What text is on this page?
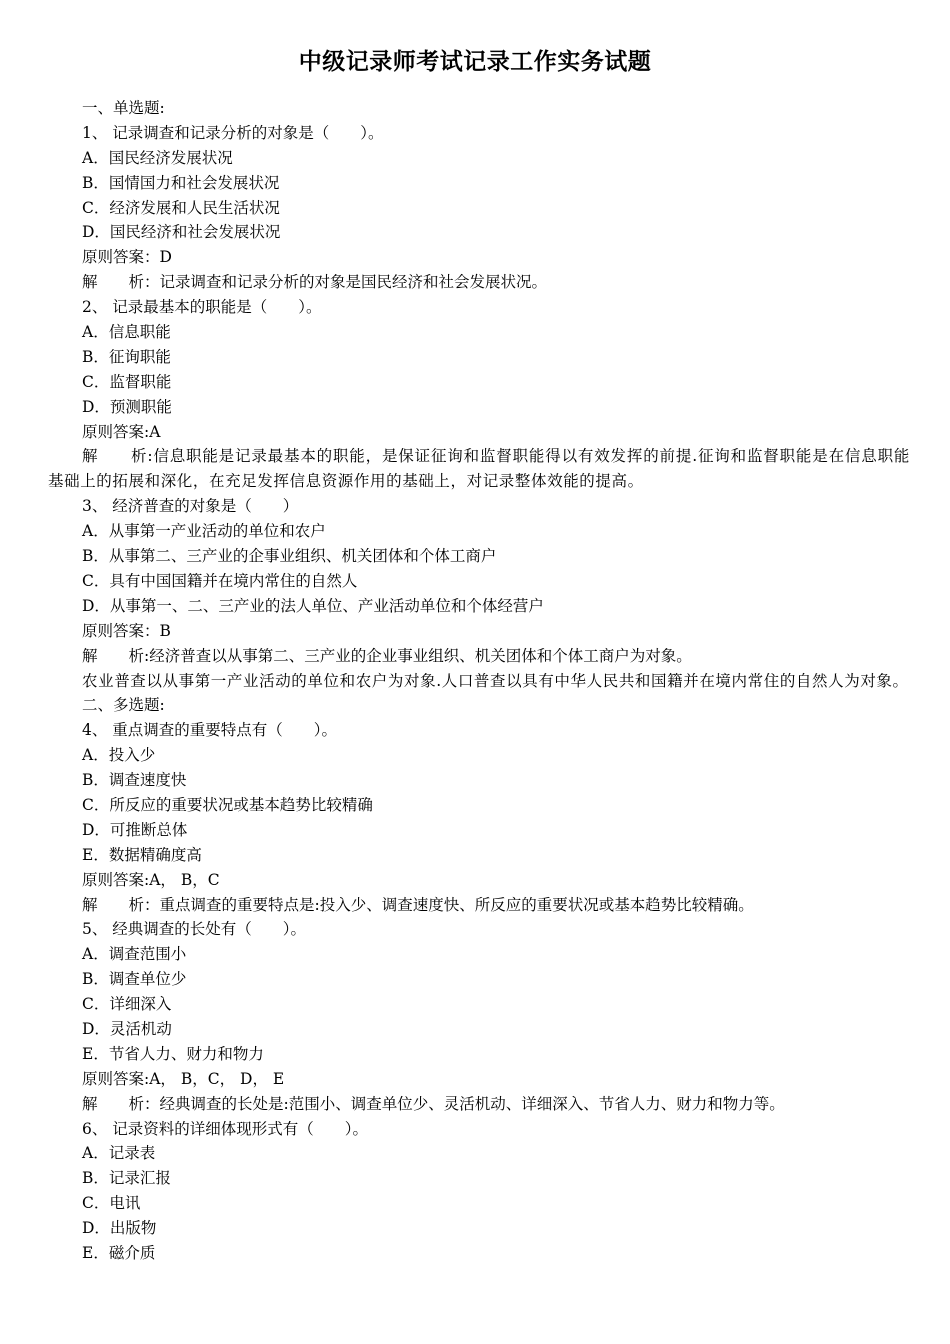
中级记录师考试记录工作实务试题
一、单选题:
1、 记录调查和记录分析的对象是（　　）。
A．国民经济发展状况
B．国情国力和社会发展状况
C．经济发展和人民生活状况
D．国民经济和社会发展状况
原则答案：D
解　　析：记录调查和记录分析的对象是国民经济和社会发展状况。
2、 记录最基本的职能是（　　）。
A．信息职能
B．征询职能
C．监督职能
D．预测职能
原则答案:A
解　　析:信息职能是记录最基本的职能，是保证征询和监督职能得以有效发挥的前提.征询和监督职能是在信息职能基础上的拓展和深化，在充足发挥信息资源作用的基础上，对记录整体效能的提高。
3、 经济普查的对象是（　　）
A．从事第一产业活动的单位和农户
B．从事第二、三产业的企事业组织、机关团体和个体工商户
C．具有中国国籍并在境内常住的自然人
D．从事第一、二、三产业的法人单位、产业活动单位和个体经营户
原则答案：B
解　　析:经济普查以从事第二、三产业的企业事业组织、机关团体和个体工商户为对象。
农业普查以从事第一产业活动的单位和农户为对象.人口普查以具有中华人民共和国籍并在境内常住的自然人为对象。
二、多选题:
4、 重点调查的重要特点有（　　）。
A．投入少
B．调查速度快
C．所反应的重要状况或基本趋势比较精确
D．可推断总体
E．数据精确度高
原则答案:A， B，C
解　　析：重点调查的重要特点是:投入少、调查速度快、所反应的重要状况或基本趋势比较精确。
5、 经典调查的长处有（　　）。
A．调查范围小
B．调查单位少
C．详细深入
D．灵活机动
E．节省人力、财力和物力
原则答案:A， B，C， D， E
解　　析：经典调查的长处是:范围小、调查单位少、灵活机动、详细深入、节省人力、财力和物力等。
6、 记录资料的详细体现形式有（　　）。
A．记录表
B．记录汇报
C．电讯
D．出版物
E．磁介质
